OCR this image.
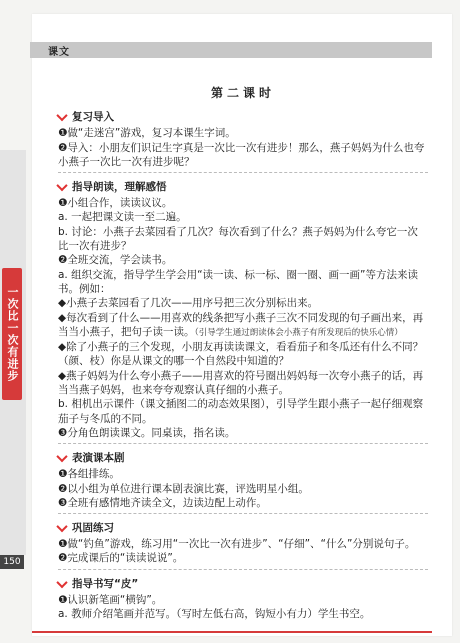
课文
一次比一次有进步
150
第二课时
复习导入
❶做“走迷宫”游戏，复习本课生字词。
❷导入：小朋友们识记生字真是一次比一次有进步！那么，燕子妈妈为什么也夸小燕子一次比一次有进步呢？
指导朗读，理解感悟
❶小组合作，读读议议。
a. 一起把课文读一至二遍。
b. 讨论：小燕子去菜园看了几次？每次看到了什么？燕子妈妈为什么夸它一次比一次有进步？
❷全班交流，学会读书。
a. 组织交流，指导学生学会用“读一读、标一标、圈一圈、画一画”等方法来读书。例如：
◆小燕子去菜园看了几次——用序号把三次分别标出来。
◆每次看到了什么——用喜欢的线条把写小燕子三次不同发现的句子画出来，再当当小燕子，把句子读一读。（引导学生通过朗读体会小燕子有所发现后的快乐心情）
◆除了小燕子的三个发现，小朋友再读读课文，看看茄子和冬瓜还有什么不同？（颜、枝）你是从课文的哪一个自然段中知道的？
◆燕子妈妈为什么夸小燕子——用喜欢的符号圈出妈妈每一次夸小燕子的话，再当当燕子妈妈，也来夸夸观察认真仔细的小燕子。
b. 相机出示课件（课文插图二的动态效果图），引导学生跟小燕子一起仔细观察茄子与冬瓜的不同。
❸分角色朗读课文。同桌读，指名读。
表演课本剧
❶各组排练。
❷以小组为单位进行课本剧表演比赛，评选明星小组。
❸全班有感情地齐读全文，边读边配上动作。
巩固练习
❶做“钓鱼”游戏，练习用“一次比一次有进步”、“仔细”、“什么”分别说句子。
❷完成课后的“读读说说”。
指导书写“皮”
❶认识新笔画“横钩”。
a. 教师介绍笔画并范写。（写时左低右高，钩短小有力）学生书空。
